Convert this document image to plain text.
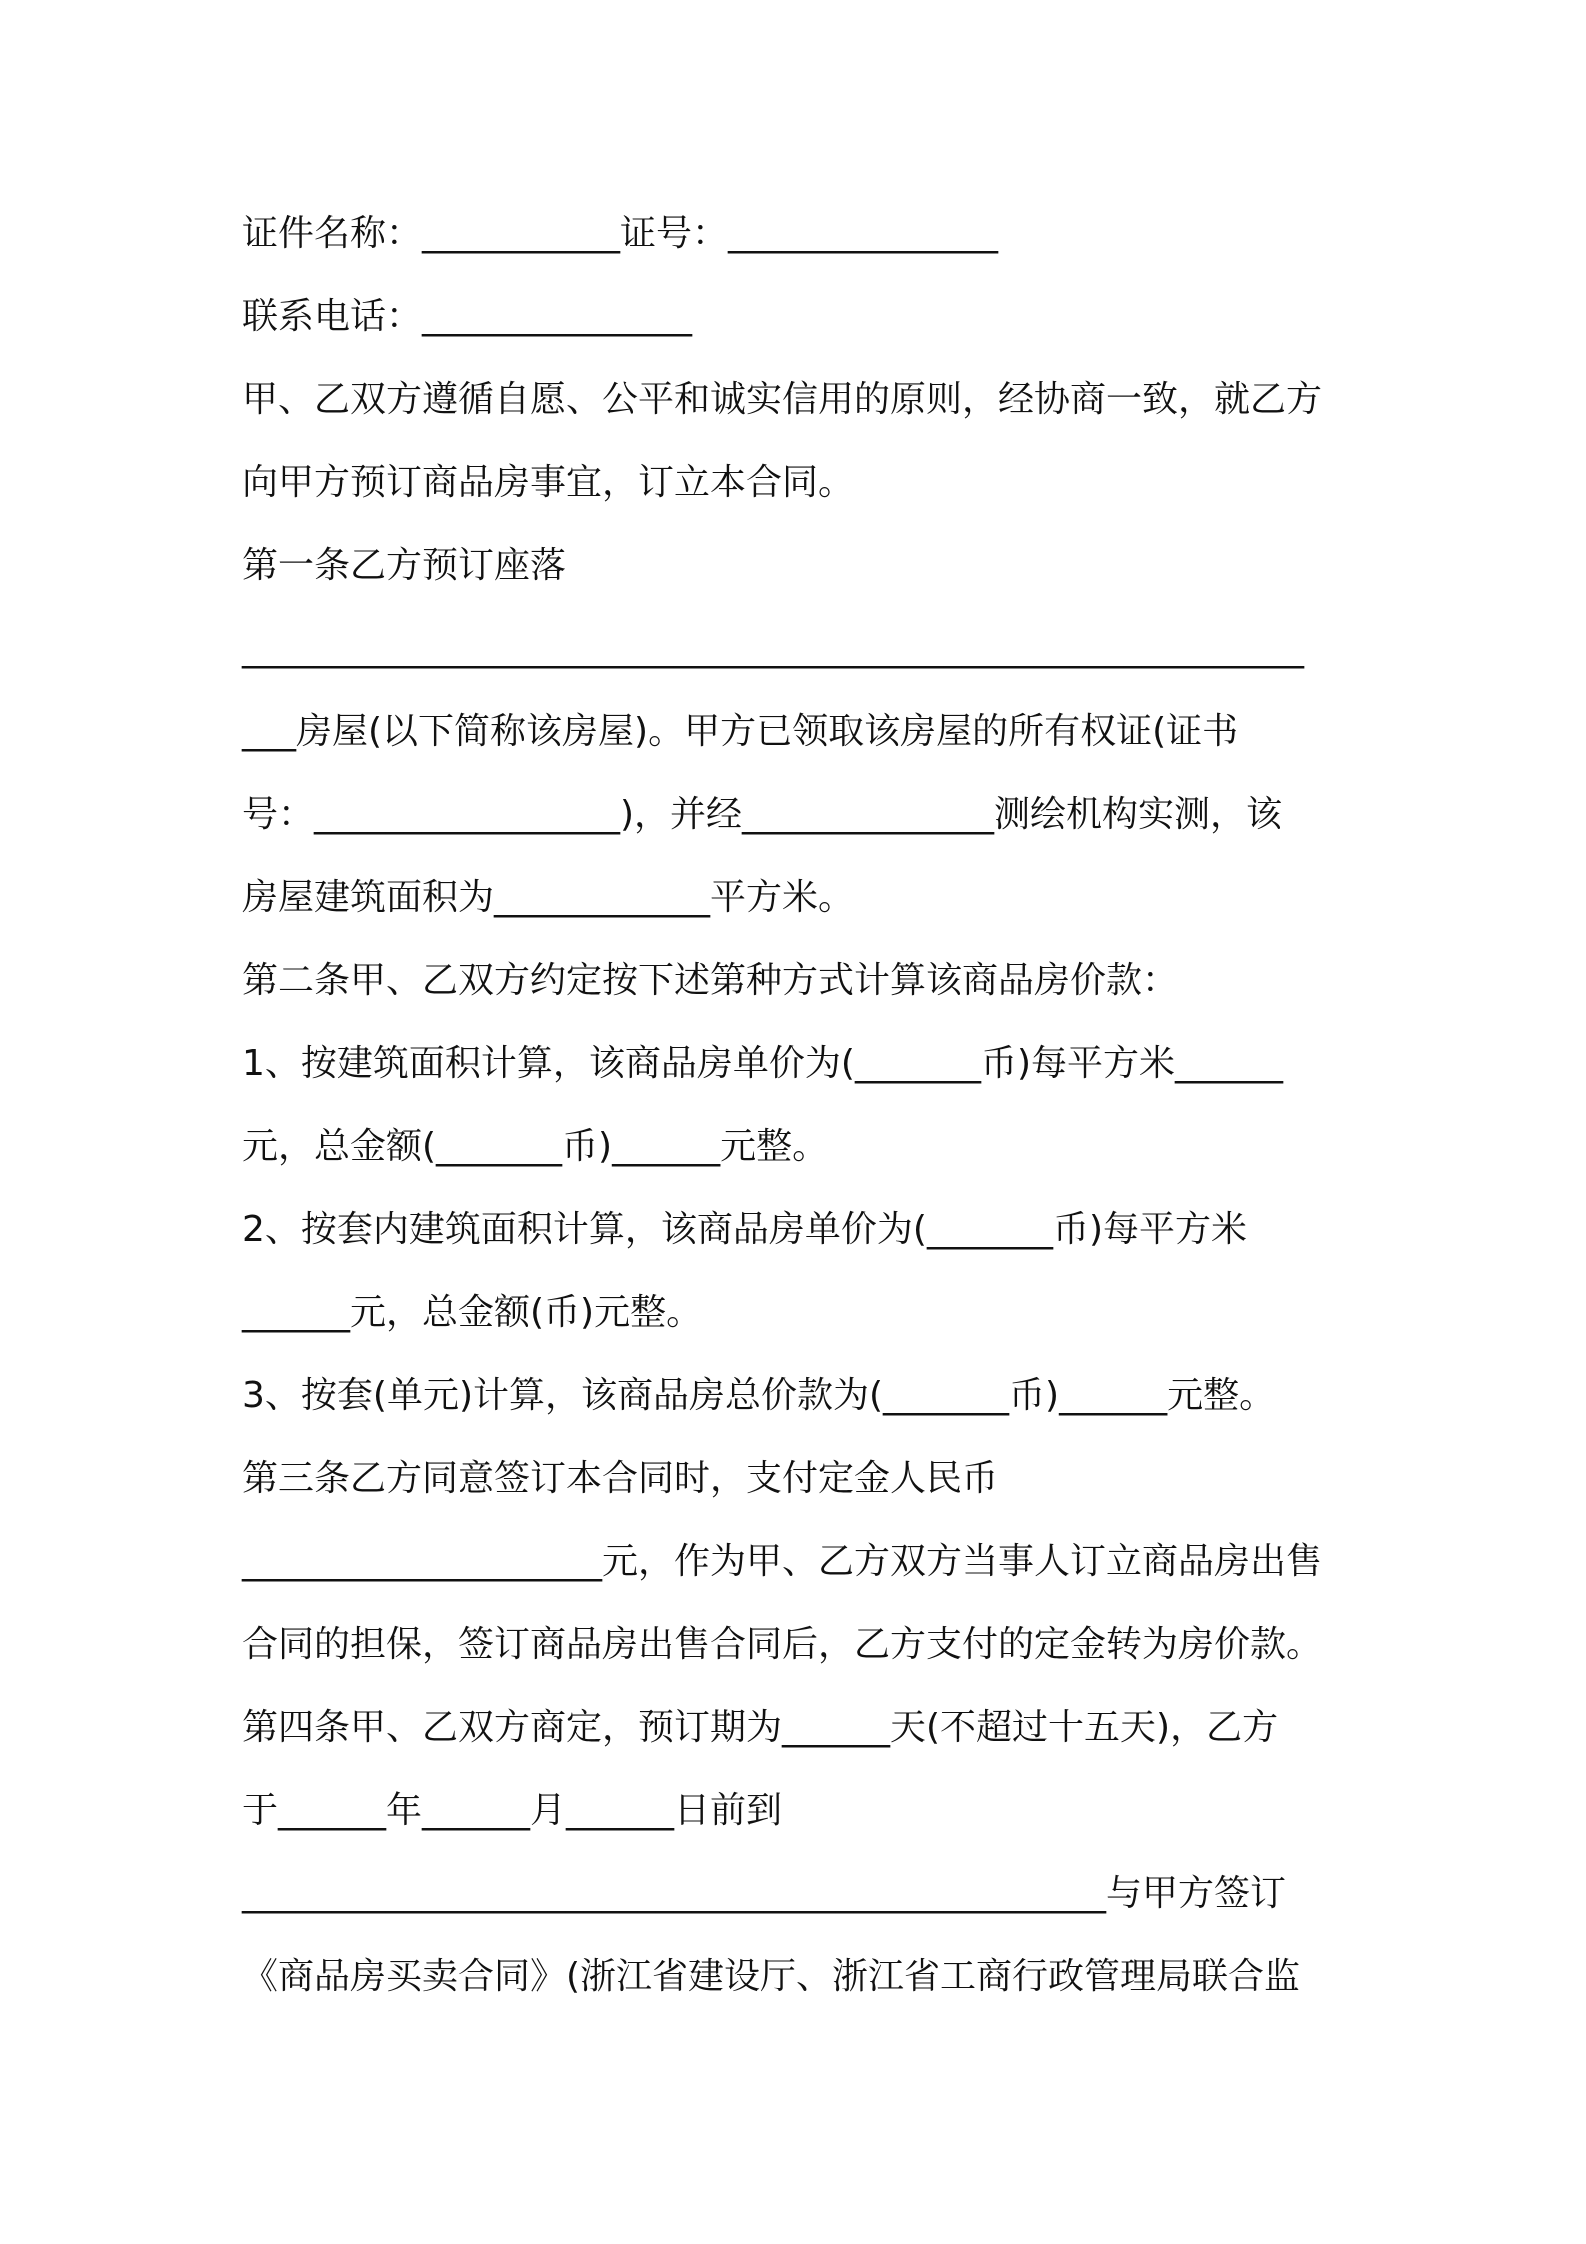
证件名称：___________证号：_______________
联系电话：_______________
甲、乙双方遵循自愿、公平和诚实信用的原则，经协商一致，就乙方
向甲方预订商品房事宜，订立本合同。
第一条乙方预订座落
___________________________________________________________
___房屋(以下简称该房屋)。甲方已领取该房屋的所有权证(证书
号：_________________)，并经______________测绘机构实测，该
房屋建筑面积为____________平方米。
第二条甲、乙双方约定按下述第种方式计算该商品房价款：
1、按建筑面积计算，该商品房单价为(_______币)每平方米______
元，总金额(_______币)______元整。
2、按套内建筑面积计算，该商品房单价为(_______币)每平方米
______元，总金额(币)元整。
3、按套(单元)计算，该商品房总价款为(_______币)______元整。
第三条乙方同意签订本合同时，支付定金人民币
____________________元，作为甲、乙方双方当事人订立商品房出售
合同的担保，签订商品房出售合同后，乙方支付的定金转为房价款。
第四条甲、乙双方商定，预订期为______天(不超过十五天)，乙方
于______年______月______日前到
________________________________________________与甲方签订
《商品房买卖合同》(浙江省建设厅、浙江省工商行政管理局联合监
